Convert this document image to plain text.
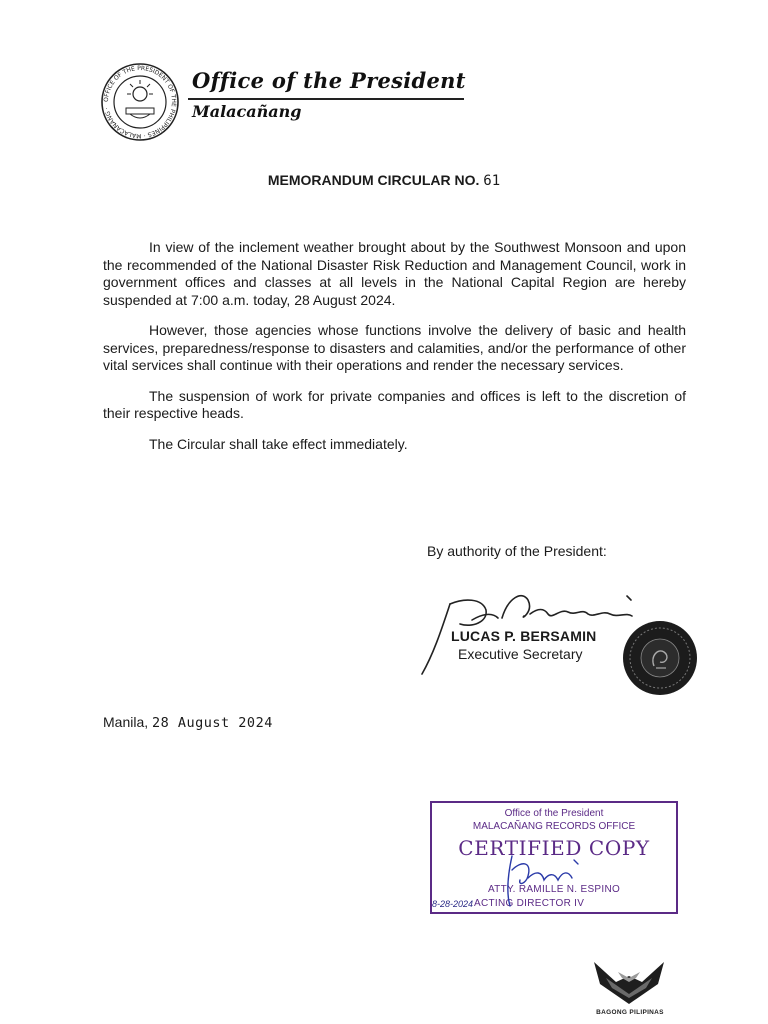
OFFICE OF THE PRESIDENT OF THE PHILIPPINES · MALACAÑANG ·
Office of the President
Malacañang
MEMORANDUM CIRCULAR NO. 61

In view of the inclement weather brought about by the Southwest Monsoon and upon the recommended of the National Disaster Risk Reduction and Management Council, work in government offices and classes at all levels in the National Capital Region are hereby suspended at 7:00 a.m. today, 28 August 2024.

However, those agencies whose functions involve the delivery of basic and health services, preparedness/response to disasters and calamities, and/or the performance of other vital services shall continue with their operations and render the necessary services.

The suspension of work for private companies and offices is left to the discretion of their respective heads.

The Circular shall take effect immediately.

By authority of the President:
LUCAS P. BERSAMIN
Executive Secretary
Manila, 28 August 2024
Office of the President
MALACAÑANG RECORDS OFFICE
CERTIFIED COPY
ATTY. RAMILLE N. ESPINO
8-28-2024 ACTING DIRECTOR IV
BAGONG PILIPINAS
